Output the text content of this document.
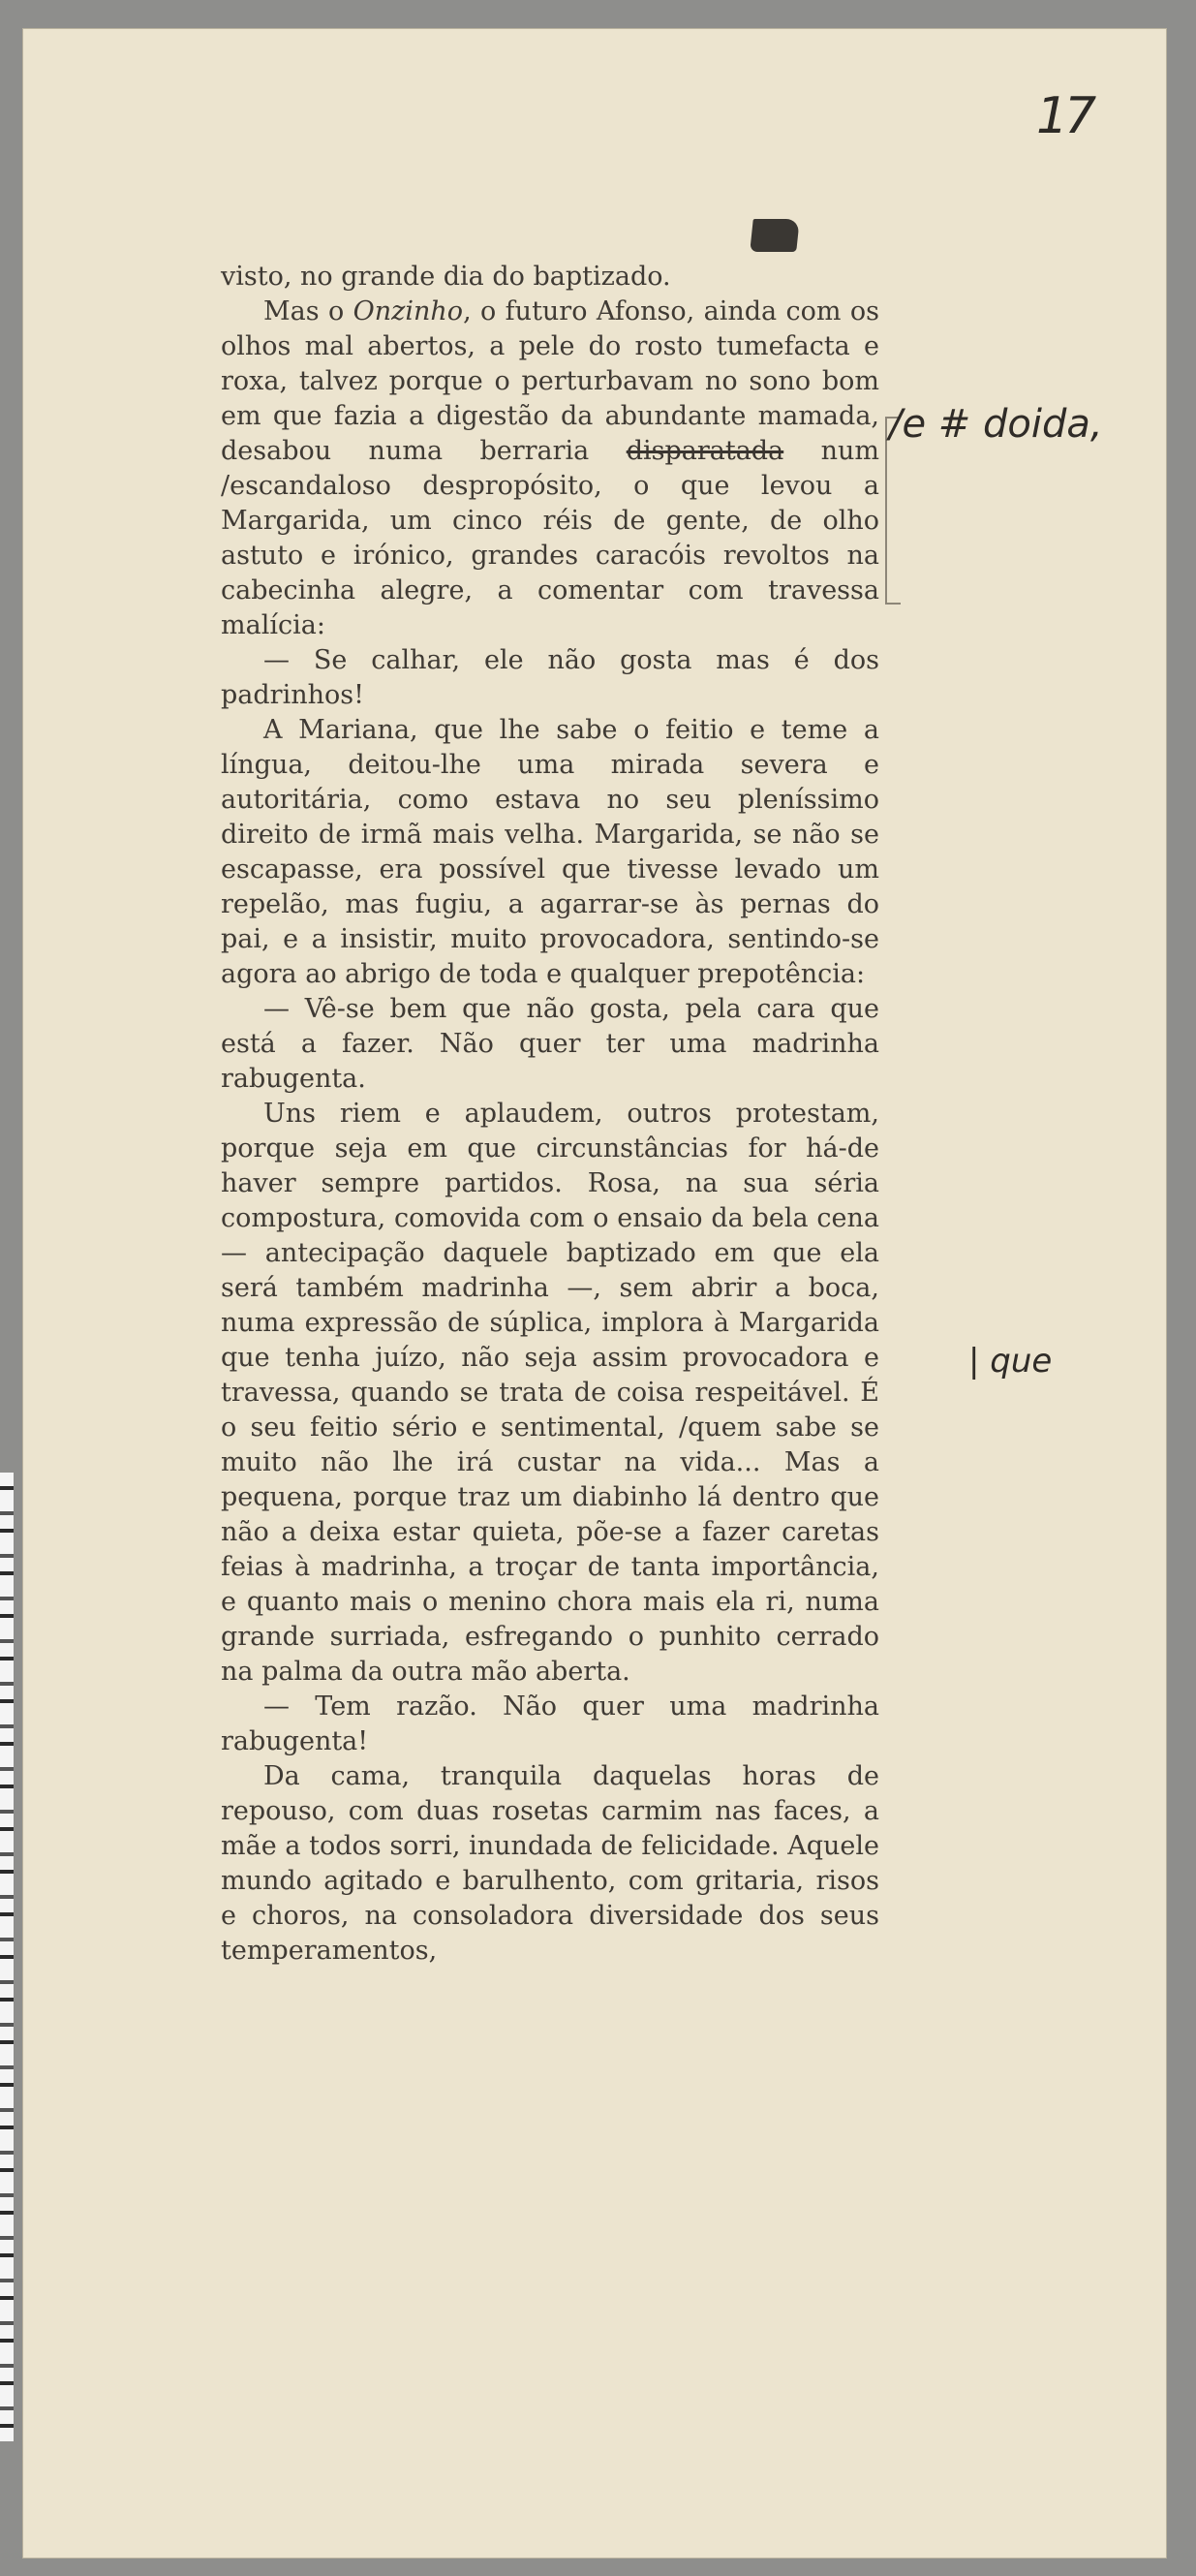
17

visto, no grande dia do baptizado.

Mas o Onzinho, o futuro Afonso, ainda com os olhos mal abertos, a pele do rosto tumefacta e roxa, talvez porque o perturbavam no sono bom em que fazia a digestão da abundante mamada, desabou numa berraria disparatada num /escandaloso despropósito, o que levou a Margarida, um cinco réis de gente, de olho astuto e irónico, grandes caracóis revoltos na cabecinha alegre, a comentar com travessa malícia:

— Se calhar, ele não gosta mas é dos padrinhos!

A Mariana, que lhe sabe o feitio e teme a língua, deitou-lhe uma mirada severa e autoritária, como estava no seu pleníssimo direito de irmã mais velha. Margarida, se não se escapasse, era possível que tivesse levado um repelão, mas fugiu, a agarrar-se às pernas do pai, e a insistir, muito provocadora, sentindo-se agora ao abrigo de toda e qualquer prepotência:

— Vê-se bem que não gosta, pela cara que está a fazer. Não quer ter uma madrinha rabugenta.

Uns riem e aplaudem, outros protestam, porque seja em que circunstâncias for há-de haver sempre partidos. Rosa, na sua séria compostura, comovida com o ensaio da bela cena — antecipação daquele baptizado em que ela será também madrinha —, sem abrir a boca, numa expressão de súplica, implora à Margarida que tenha juízo, não seja assim provocadora e travessa, quando se trata de coisa respeitável. É o seu feitio sério e sentimental, /quem sabe se muito não lhe irá custar na vida... Mas a pequena, porque traz um diabinho lá dentro que não a deixa estar quieta, põe-se a fazer caretas feias à madrinha, a troçar de tanta importância, e quanto mais o menino chora mais ela ri, numa grande surriada, esfregando o punhito cerrado na palma da outra mão aberta.

— Tem razão. Não quer uma madrinha rabugenta!

Da cama, tranquila daquelas horas de repouso, com duas rosetas carmim nas faces, a mãe a todos sorri, inundada de felicidade. Aquele mundo agitado e barulhento, com gritaria, risos e choros, na consoladora diversidade dos seus temperamentos,

/e # doida,
| que
